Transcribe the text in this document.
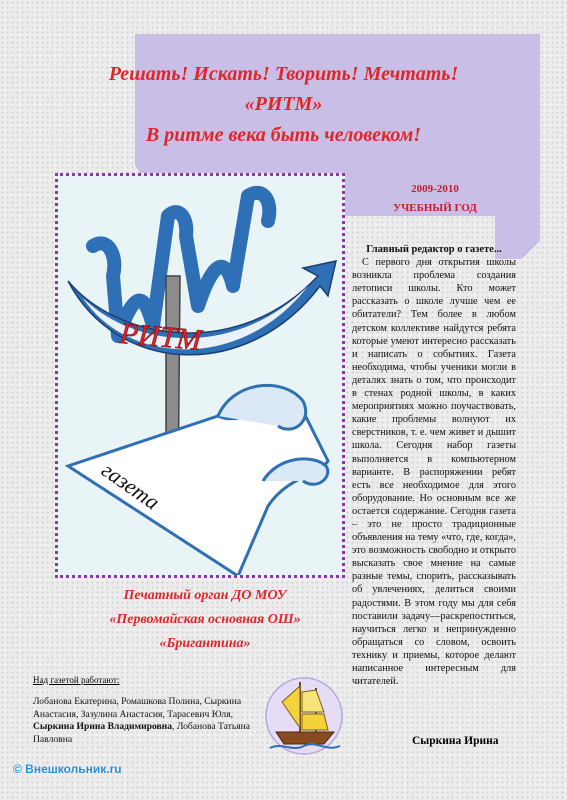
Решать! Искать! Творить! Мечтать!

«РИТМ»

В ритме века быть человеком!

2009-2010
УЧЕБНЫЙ ГОД
РИТМ
газета
Главный редактор о газете...

С первого дня открытия школы возникла проблема создания летописи школы. Кто может рассказать о школе лучше чем ее обитатели? Тем более в любом детском коллективе найдутся ребята которые умеют интересно рассказать и написать о событиях. Газета необходима, чтобы ученики могли в деталях знать о том, что происходит в стенах родной школы, в каких мероприятиях можно поучаствовать, какие проблемы волнуют их сверстников, т. е. чем живет и дышит школа. Сегодня набор газеты выполняется в компьютерном варианте. В распоряжении ребят есть все необходимое для этого оборудование. Но основным все же остается содержание. Сегодня газета – это не просто традиционные объявления на тему «что, где, когда», это возможность свободно и открыто высказать свое мнение на самые разные темы, спорить, рассказывать об увлечениях, делиться своими радостями. В этом году мы для себя поставили задачу—раскрепоститься, научиться легко и непринужденно обращаться со словом, освоить технику и приемы, которое делают написанное интересным для читателей.

Сыркина Ирина
Печатный орган ДО МОУ
«Первомайская основная ОШ»
«Бригантина»
Над газетой работают:
Лобанова Екатерина, Ромашкова Полина, Сыркина Анастасия, Зазулина Анастасия, Тарасевич Юля, Сыркина Ирина Владимировна, Лобанова Татьяна Павловна
© Внешкольник.ru
